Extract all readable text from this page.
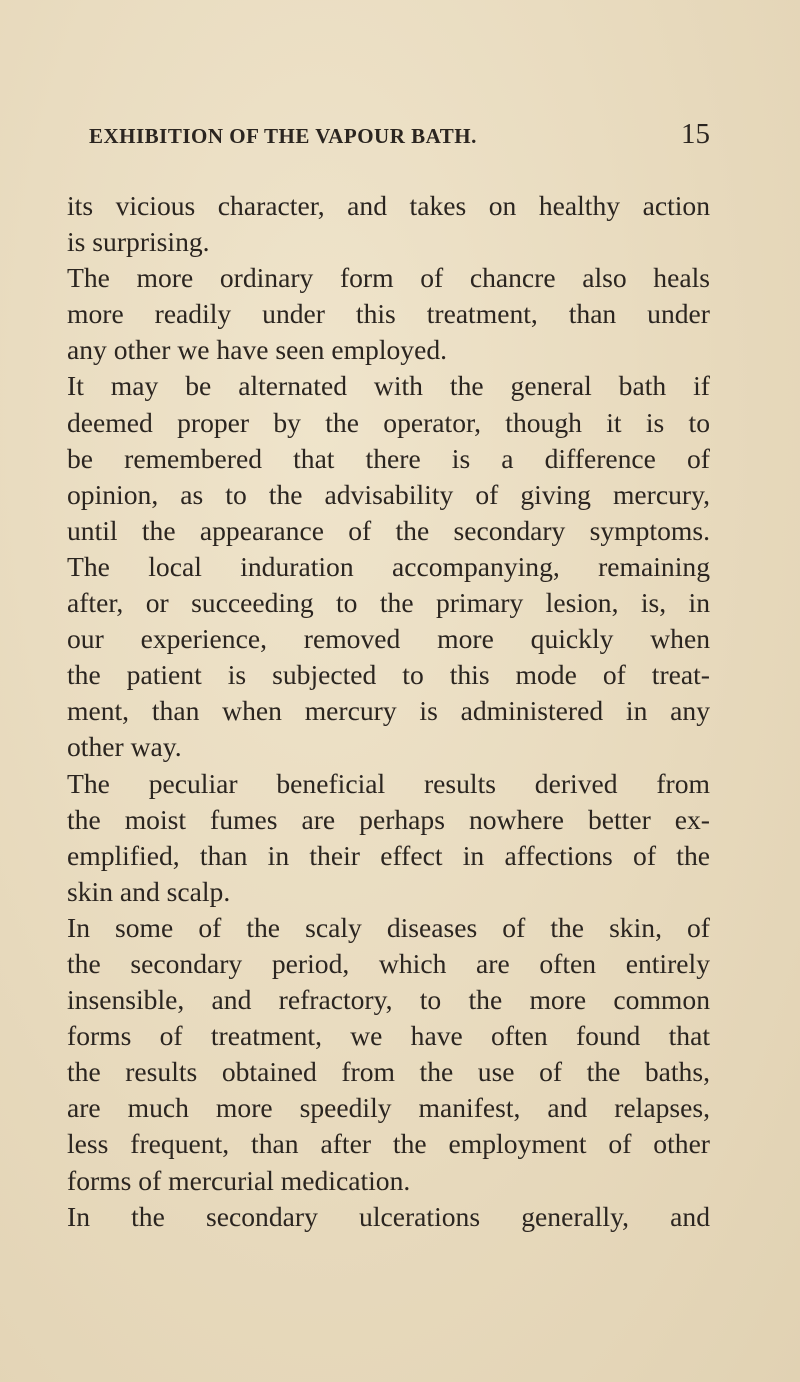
EXHIBITION OF THE VAPOUR BATH.	15
its vicious character, and takes on healthy action
is surprising.
The more ordinary form of chancre also heals
more readily under this treatment, than under
any other we have seen employed.
It may be alternated with the general bath if
deemed proper by the operator, though it is to
be remembered that there is a difference of
opinion, as to the advisability of giving mercury,
until the appearance of the secondary symptoms.
The local induration accompanying, remaining
after, or succeeding to the primary lesion, is, in
our experience, removed more quickly when
the patient is subjected to this mode of treat-
ment, than when mercury is administered in any
other way.
The peculiar beneficial results derived from
the moist fumes are perhaps nowhere better ex-
emplified, than in their effect in affections of the
skin and scalp.
In some of the scaly diseases of the skin, of
the secondary period, which are often entirely
insensible, and refractory, to the more common
forms of treatment, we have often found that
the results obtained from the use of the baths,
are much more speedily manifest, and relapses,
less frequent, than after the employment of other
forms of mercurial medication.
In the secondary ulcerations generally, and
